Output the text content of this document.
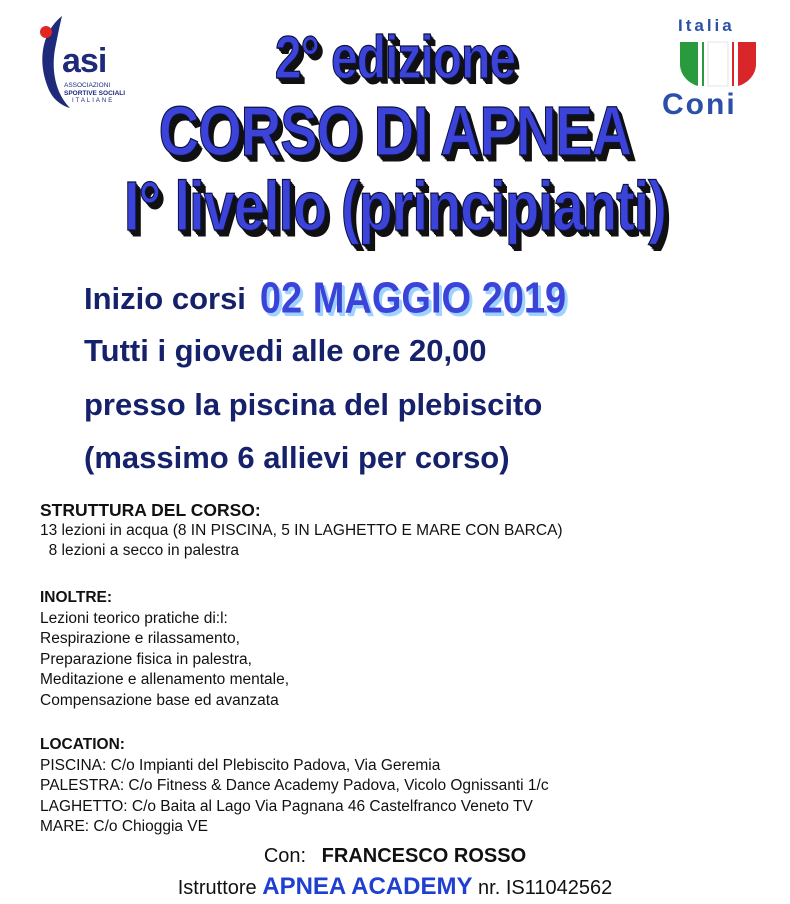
asi
ASSOCIAZIONI
SPORTIVE SOCIALI
ITALIANE
Italia
Coni
2° edizione
CORSO DI APNEA
I° livello (principianti)
Inizio corsi 02 MAGGIO 2019
Tutti i giovedi alle ore 20,00
presso la piscina del plebiscito
(massimo 6 allievi per corso)
STRUTTURA DEL CORSO:
13 lezioni in acqua (8 IN PISCINA, 5 IN LAGHETTO E MARE CON BARCA)
8 lezioni a secco in palestra
INOLTRE:
Lezioni teorico pratiche di:l:
Respirazione e rilassamento,
Preparazione fisica in palestra,
Meditazione e allenamento mentale,
Compensazione base ed avanzata
LOCATION:
PISCINA: C/o Impianti del Plebiscito Padova, Via Geremia
PALESTRA: C/o Fitness & Dance Academy Padova, Vicolo Ognissanti 1/c
LAGHETTO: C/o Baita al Lago Via Pagnana 46 Castelfranco Veneto TV
MARE: C/o Chioggia VE
Con: FRANCESCO ROSSO
Istruttore APNEA ACADEMY nr. IS11042562
